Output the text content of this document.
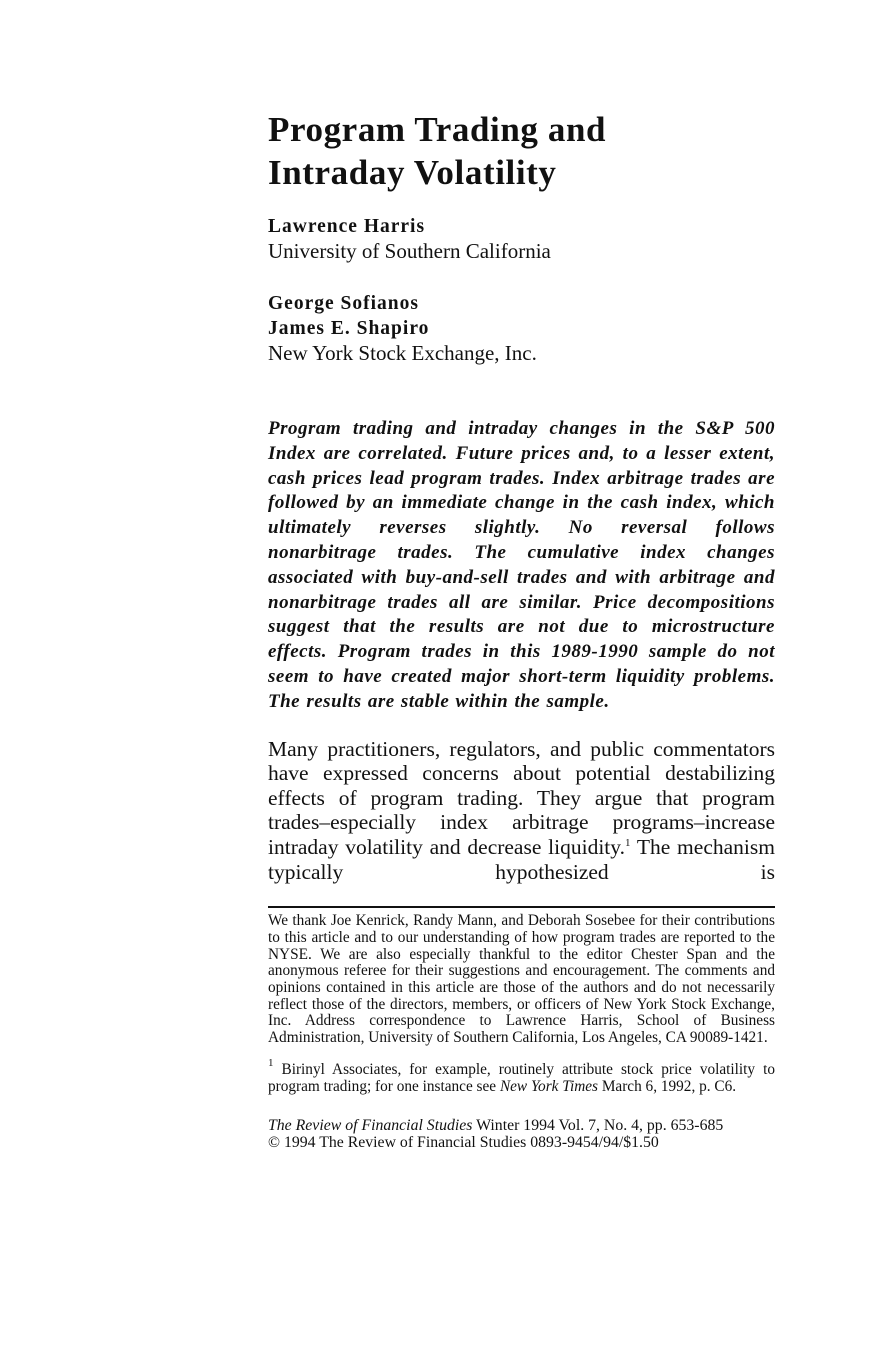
Program Trading and
Intraday Volatility
Lawrence Harris
University of Southern California
George Sofianos
James E. Shapiro
New York Stock Exchange, Inc.

Program trading and intraday changes in the S&P 500 Index are correlated. Future prices and, to a lesser extent, cash prices lead program trades. Index arbitrage trades are followed by an immediate change in the cash index, which ultimately reverses slightly. No reversal follows nonarbitrage trades. The cumulative index changes associated with buy-and-sell trades and with arbitrage and nonarbitrage trades all are similar. Price decompositions suggest that the results are not due to microstructure effects. Program trades in this 1989-1990 sample do not seem to have created major short-term liquidity problems. The results are stable within the sample.

Many practitioners, regulators, and public commentators have expressed concerns about potential destabilizing effects of program trading. They argue that program trades–especially index arbitrage programs–increase intraday volatility and decrease liquidity.$^1$ The mechanism typically hypothesized is

We thank Joe Kenrick, Randy Mann, and Deborah Sosebee for their contributions to this article and to our understanding of how program trades are reported to the NYSE. We are also especially thankful to the editor Chester Span and the anonymous referee for their suggestions and encouragement. The comments and opinions contained in this article are those of the authors and do not necessarily reflect those of the directors, members, or officers of New York Stock Exchange, Inc. Address correspondence to Lawrence Harris, School of Business Administration, University of Southern California, Los Angeles, CA 90089-1421.

$^1$ Birinyl Associates, for example, routinely attribute stock price volatility to program trading; for one instance see New York Times March 6, 1992, p. C6.

The Review of Financial Studies Winter 1994 Vol. 7, No. 4, pp. 653-685
© 1994 The Review of Financial Studies 0893-9454/94/$1.50
